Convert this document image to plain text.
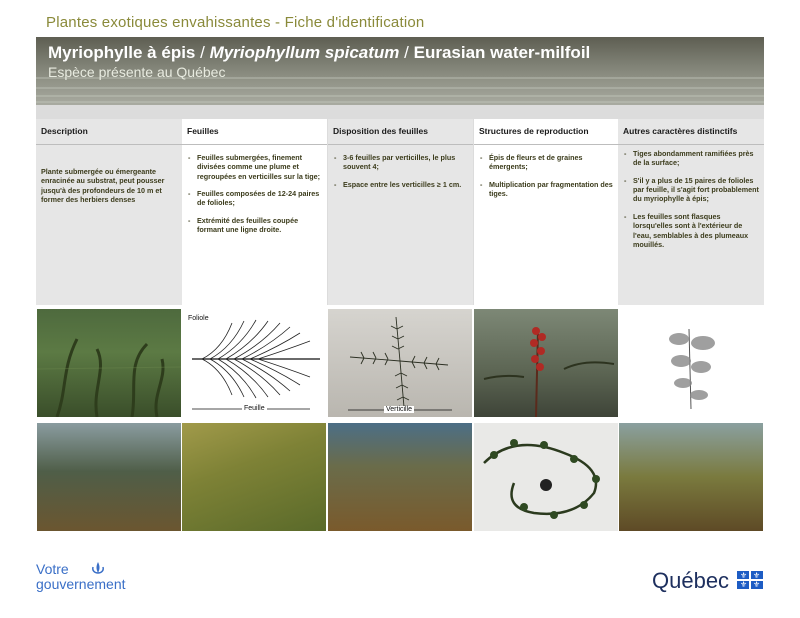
Plantes exotiques envahissantes - Fiche d'identification
Myriophylle à épis / Myriophyllum spicatum / Eurasian water-milfoil
Espèce présente au Québec
Description
Plante submergée ou émergeante enracinée au substrat, peut pousser jusqu'à des profondeurs de 10 m et former des herbiers denses
Feuilles
- Feuilles submergées, finement divisées comme une plume et regroupées en verticilles sur la tige;
- Feuilles composées de 12-24 paires de folioles;
- Extrémité des feuilles coupée formant une ligne droite.
Disposition des feuilles
- 3-6 feuilles par verticilles, le plus souvent 4;
- Espace entre les verticilles ≥ 1 cm.
Structures de reproduction
- Épis de fleurs et de graines émergents;
- Multiplication par fragmentation des tiges.
Autres caractères distinctifs
- Tiges abondamment ramifiées près de la surface;
- S'il y a plus de 15 paires de folioles par feuille, il s'agit fort probablement du myriophylle à épis;
- Les feuilles sont flasques lorsqu'elles sont à l'extérieur de l'eau, semblables à des plumeaux mouillés.
Foliole
Feuille	Verticille
Votre
gouvernement	Québec ⚜ ⚜
⚜ ⚜
